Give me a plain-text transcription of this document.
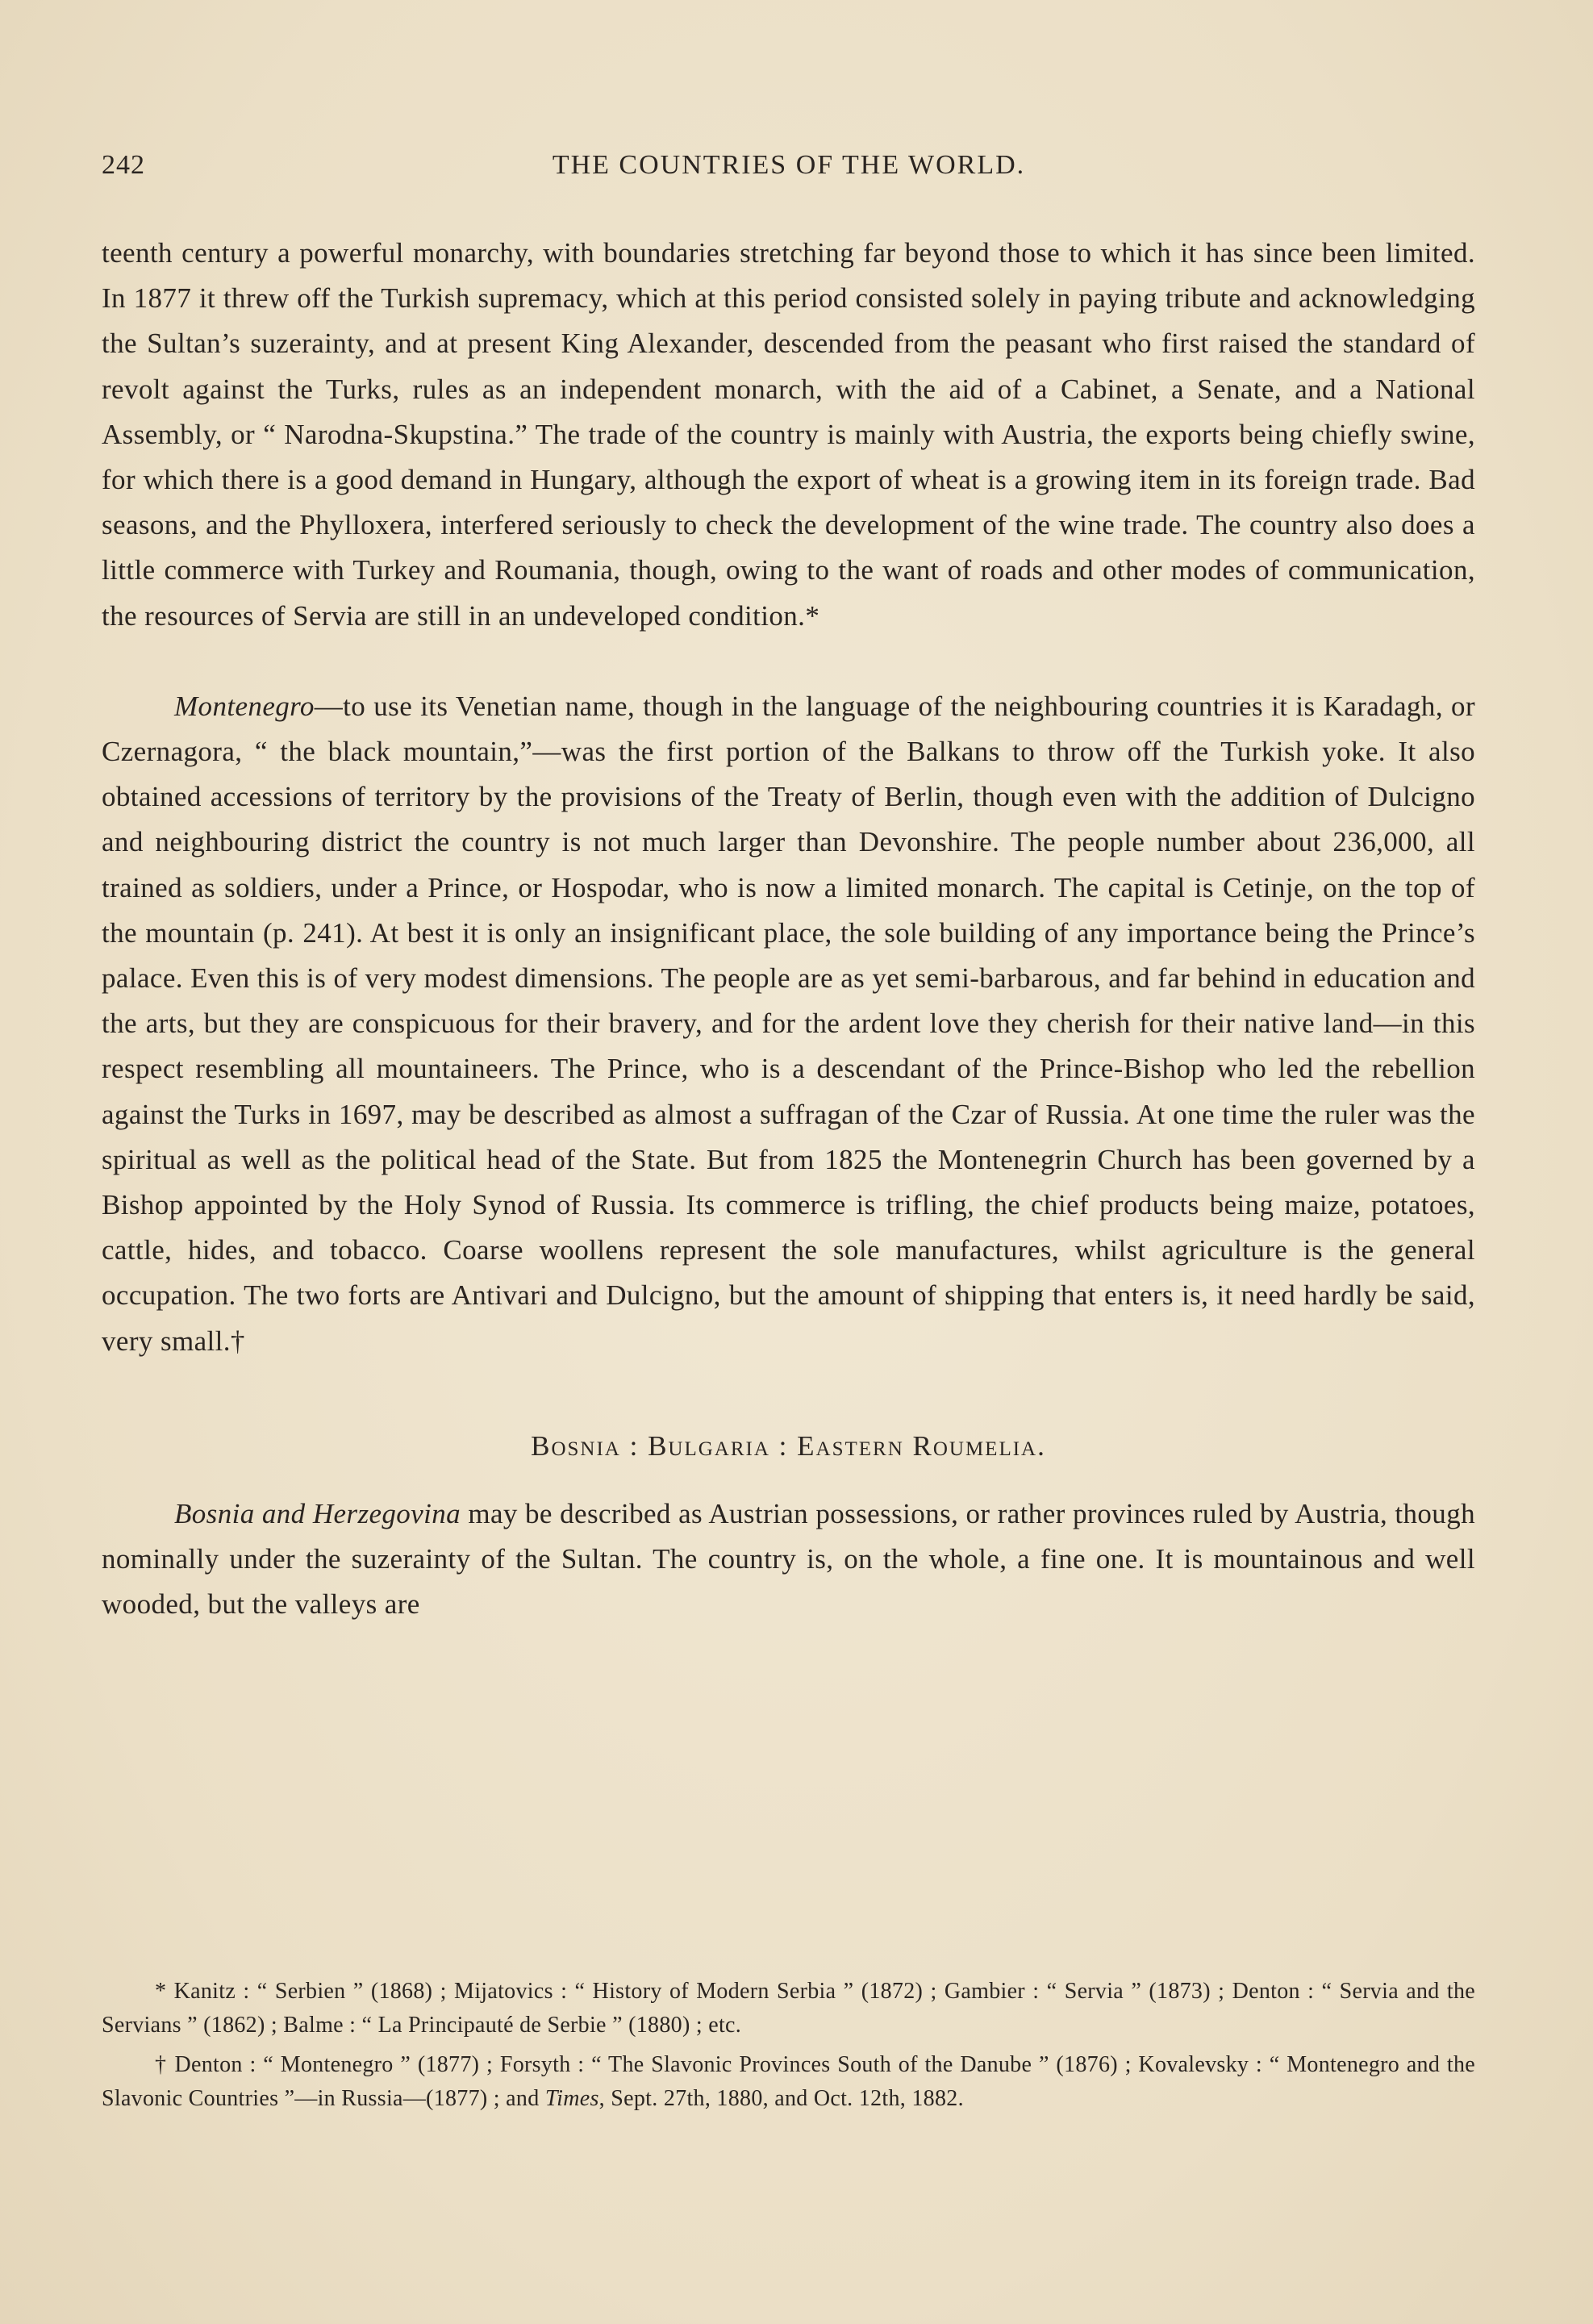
242	THE COUNTRIES OF THE WORLD.

teenth century a powerful monarchy, with boundaries stretching far beyond those to which it has since been limited. In 1877 it threw off the Turkish supremacy, which at this period consisted solely in paying tribute and acknowledging the Sultan’s suzerainty, and at present King Alexander, descended from the peasant who first raised the standard of revolt against the Turks, rules as an independent monarch, with the aid of a Cabinet, a Senate, and a National Assembly, or “ Narodna-Skupstina.” The trade of the country is mainly with Austria, the exports being chiefly swine, for which there is a good demand in Hungary, although the export of wheat is a growing item in its foreign trade. Bad seasons, and the Phylloxera, interfered seriously to check the development of the wine trade. The country also does a little commerce with Turkey and Roumania, though, owing to the want of roads and other modes of communication, the resources of Servia are still in an undeveloped condition.*

Montenegro—to use its Venetian name, though in the language of the neighbouring countries it is Karadagh, or Czernagora, “ the black mountain,”—was the first portion of the Balkans to throw off the Turkish yoke. It also obtained accessions of territory by the provisions of the Treaty of Berlin, though even with the addition of Dulcigno and neighbouring district the country is not much larger than Devonshire. The people number about 236,000, all trained as soldiers, under a Prince, or Hospodar, who is now a limited monarch. The capital is Cetinje, on the top of the mountain (p. 241). At best it is only an insignificant place, the sole building of any importance being the Prince’s palace. Even this is of very modest dimensions. The people are as yet semi-barbarous, and far behind in education and the arts, but they are conspicuous for their bravery, and for the ardent love they cherish for their native land—in this respect resembling all mountaineers. The Prince, who is a descendant of the Prince-Bishop who led the rebellion against the Turks in 1697, may be described as almost a suffragan of the Czar of Russia. At one time the ruler was the spiritual as well as the political head of the State. But from 1825 the Montenegrin Church has been governed by a Bishop appointed by the Holy Synod of Russia. Its commerce is trifling, the chief products being maize, potatoes, cattle, hides, and tobacco. Coarse woollens represent the sole manufactures, whilst agriculture is the general occupation. The two forts are Antivari and Dulcigno, but the amount of shipping that enters is, it need hardly be said, very small.†

Bosnia : Bulgaria : Eastern Roumelia.

Bosnia and Herzegovina may be described as Austrian possessions, or rather provinces ruled by Austria, though nominally under the suzerainty of the Sultan. The country is, on the whole, a fine one. It is mountainous and well wooded, but the valleys are

* Kanitz : “ Serbien ” (1868) ; Mijatovics : “ History of Modern Serbia ” (1872) ; Gambier : “ Servia ” (1873) ; Denton : “ Servia and the Servians ” (1862) ; Balme : “ La Principauté de Serbie ” (1880) ; etc.

† Denton : “ Montenegro ” (1877) ; Forsyth : “ The Slavonic Provinces South of the Danube ” (1876) ; Kovalevsky : “ Montenegro and the Slavonic Countries ”—in Russia—(1877) ; and Times, Sept. 27th, 1880, and Oct. 12th, 1882.
